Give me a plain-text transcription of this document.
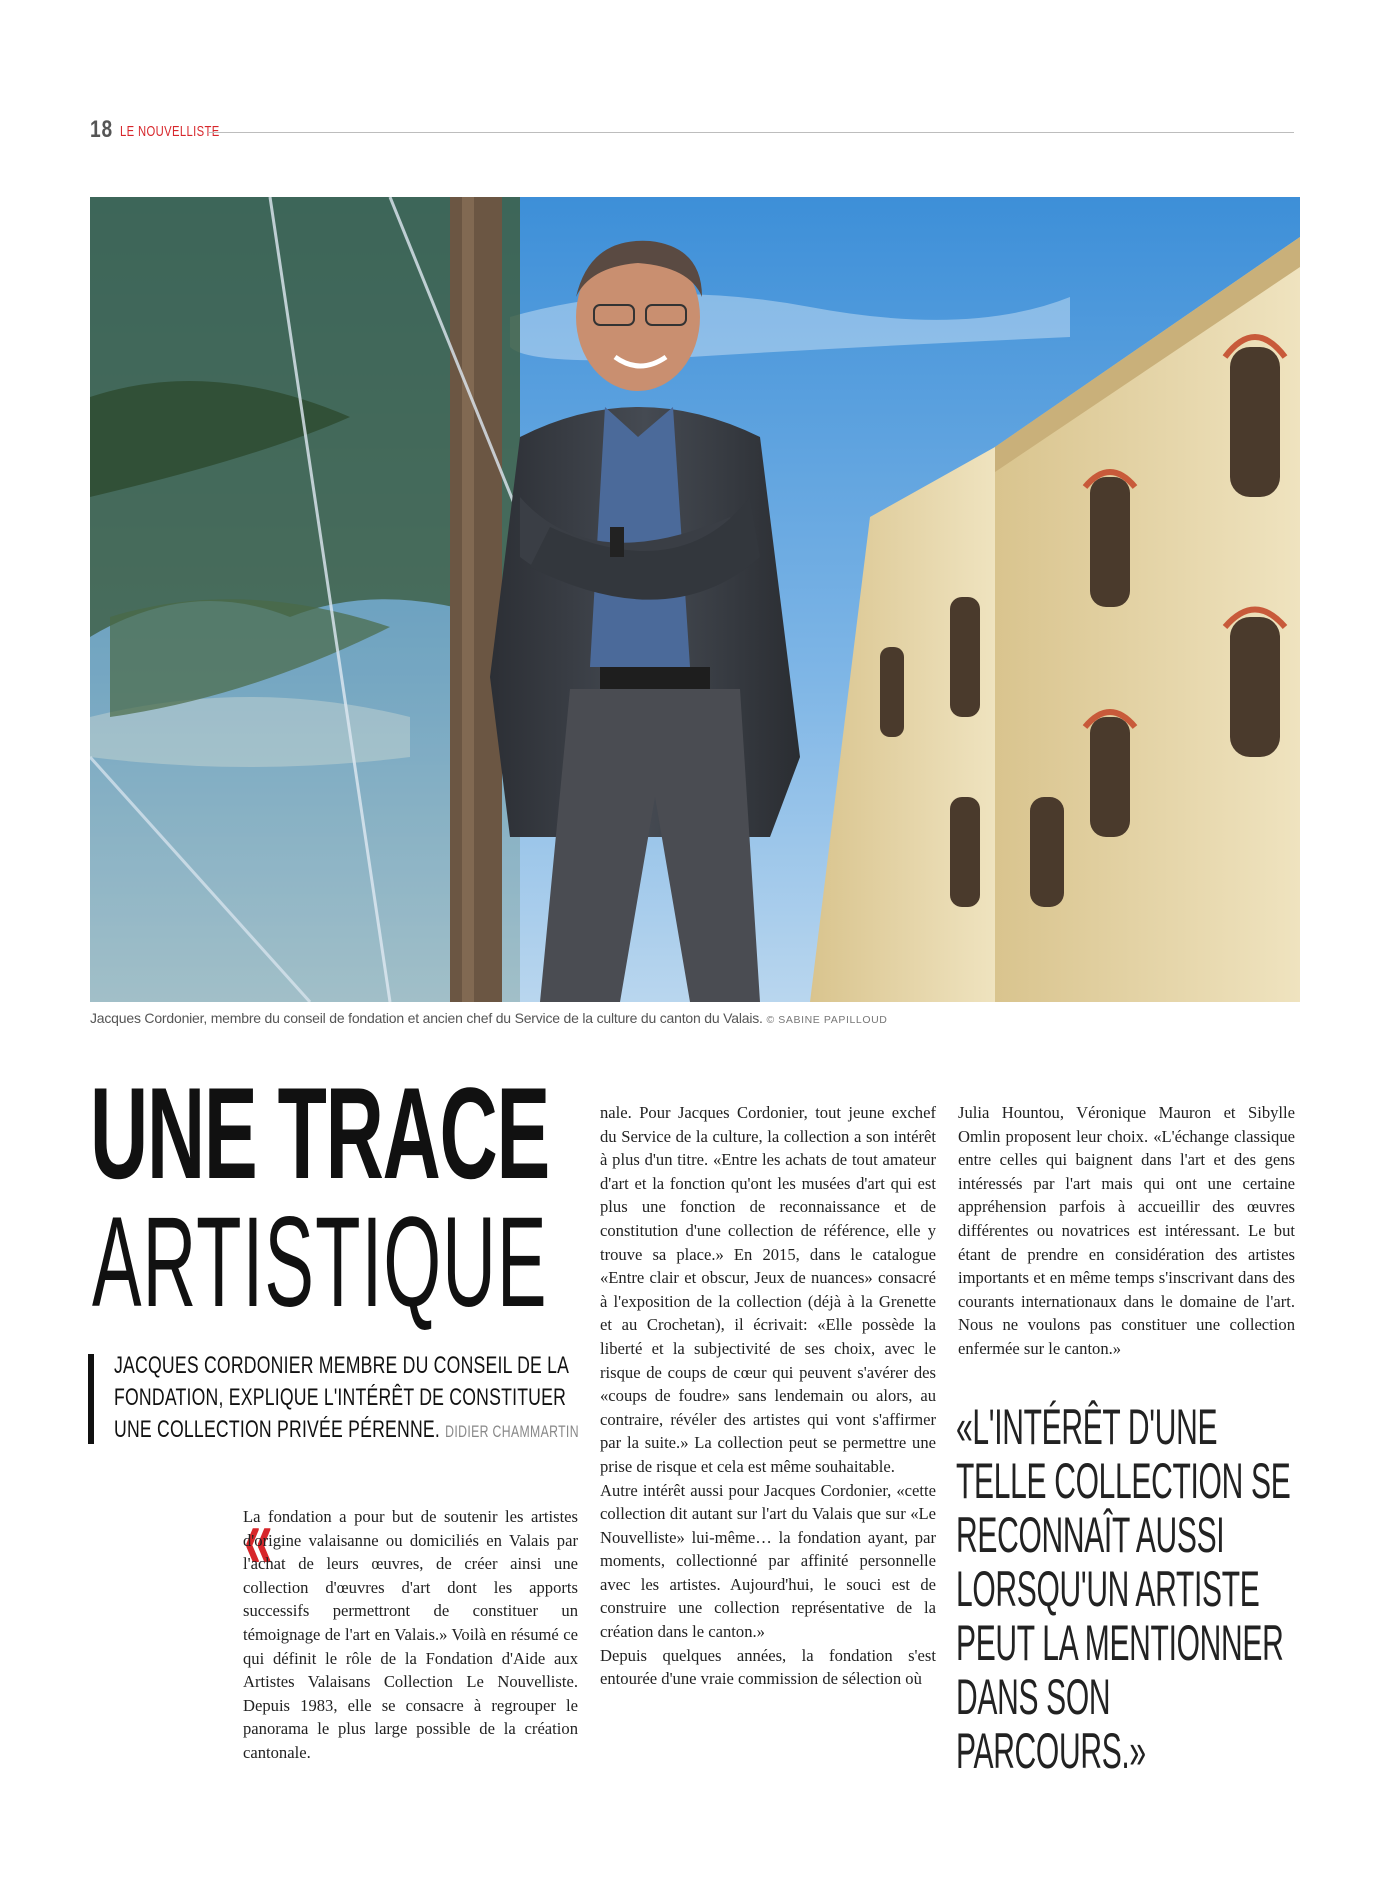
18 LE NOUVELLISTE
Jacques Cordonier, membre du conseil de fondation et ancien chef du Service de la culture du canton du Valais. © SABINE PAPILLOUD
UNE TRACE
ARTISTIQUE
JACQUES CORDONIER MEMBRE DU CONSEIL DE LA FONDATION, EXPLIQUE L'INTÉRÊT DE CONSTITUER UNE COLLECTION PRIVÉE PÉRENNE. DIDIER CHAMMARTIN
«

La fondation a pour but de soutenir les artistes d'origine valaisanne ou domiciliés en Valais par l'achat de leurs œuvres, de créer ainsi une collection d'œuvres d'art dont les apports successifs permettront de constituer un témoignage de l'art en Valais.» Voilà en résumé ce qui définit le rôle de la Fondation d'Aide aux Artistes Valaisans Collection Le Nouvelliste. Depuis 1983, elle se consacre à regrouper le panorama le plus large possible de la création cantonale.

nale. Pour Jacques Cordonier, tout jeune exchef du Service de la culture, la collection a son intérêt à plus d'un titre. «Entre les achats de tout amateur d'art et la fonction qu'ont les musées d'art qui est plus une fonction de reconnaissance et de constitution d'une collection de référence, elle y trouve sa place.» En 2015, dans le catalogue «Entre clair et obscur, Jeux de nuances» consacré à l'exposition de la collection (déjà à la Grenette et au Crochetan), il écrivait: «Elle possède la liberté et la subjectivité de ses choix, avec le risque de coups de cœur qui peuvent s'avérer des «coups de foudre» sans lendemain ou alors, au contraire, révéler des artistes qui vont s'affirmer par la suite.» La collection peut se permettre une prise de risque et cela est même souhaitable.

Autre intérêt aussi pour Jacques Cordonier, «cette collection dit autant sur l'art du Valais que sur «Le Nouvelliste» lui-même… la fondation ayant, par moments, collectionné par affinité personnelle avec les artistes. Aujourd'hui, le souci est de construire une collection représentative de la création dans le canton.»

Depuis quelques années, la fondation s'est entourée d'une vraie commission de sélection où

Julia Hountou, Véronique Mauron et Sibylle Omlin proposent leur choix. «L'échange classique entre celles qui baignent dans l'art et des gens intéressés par l'art mais qui ont une certaine appréhension parfois à accueillir des œuvres différentes ou novatrices est intéressant. Le but étant de prendre en considération des artistes importants et en même temps s'inscrivant dans des courants internationaux dans le domaine de l'art. Nous ne voulons pas constituer une collection enfermée sur le canton.»

«L'INTÉRÊT D'UNE TELLE COLLECTION SE RECONNAÎT AUSSI LORSQU'UN ARTISTE PEUT LA MENTIONNER DANS SON PARCOURS.»
